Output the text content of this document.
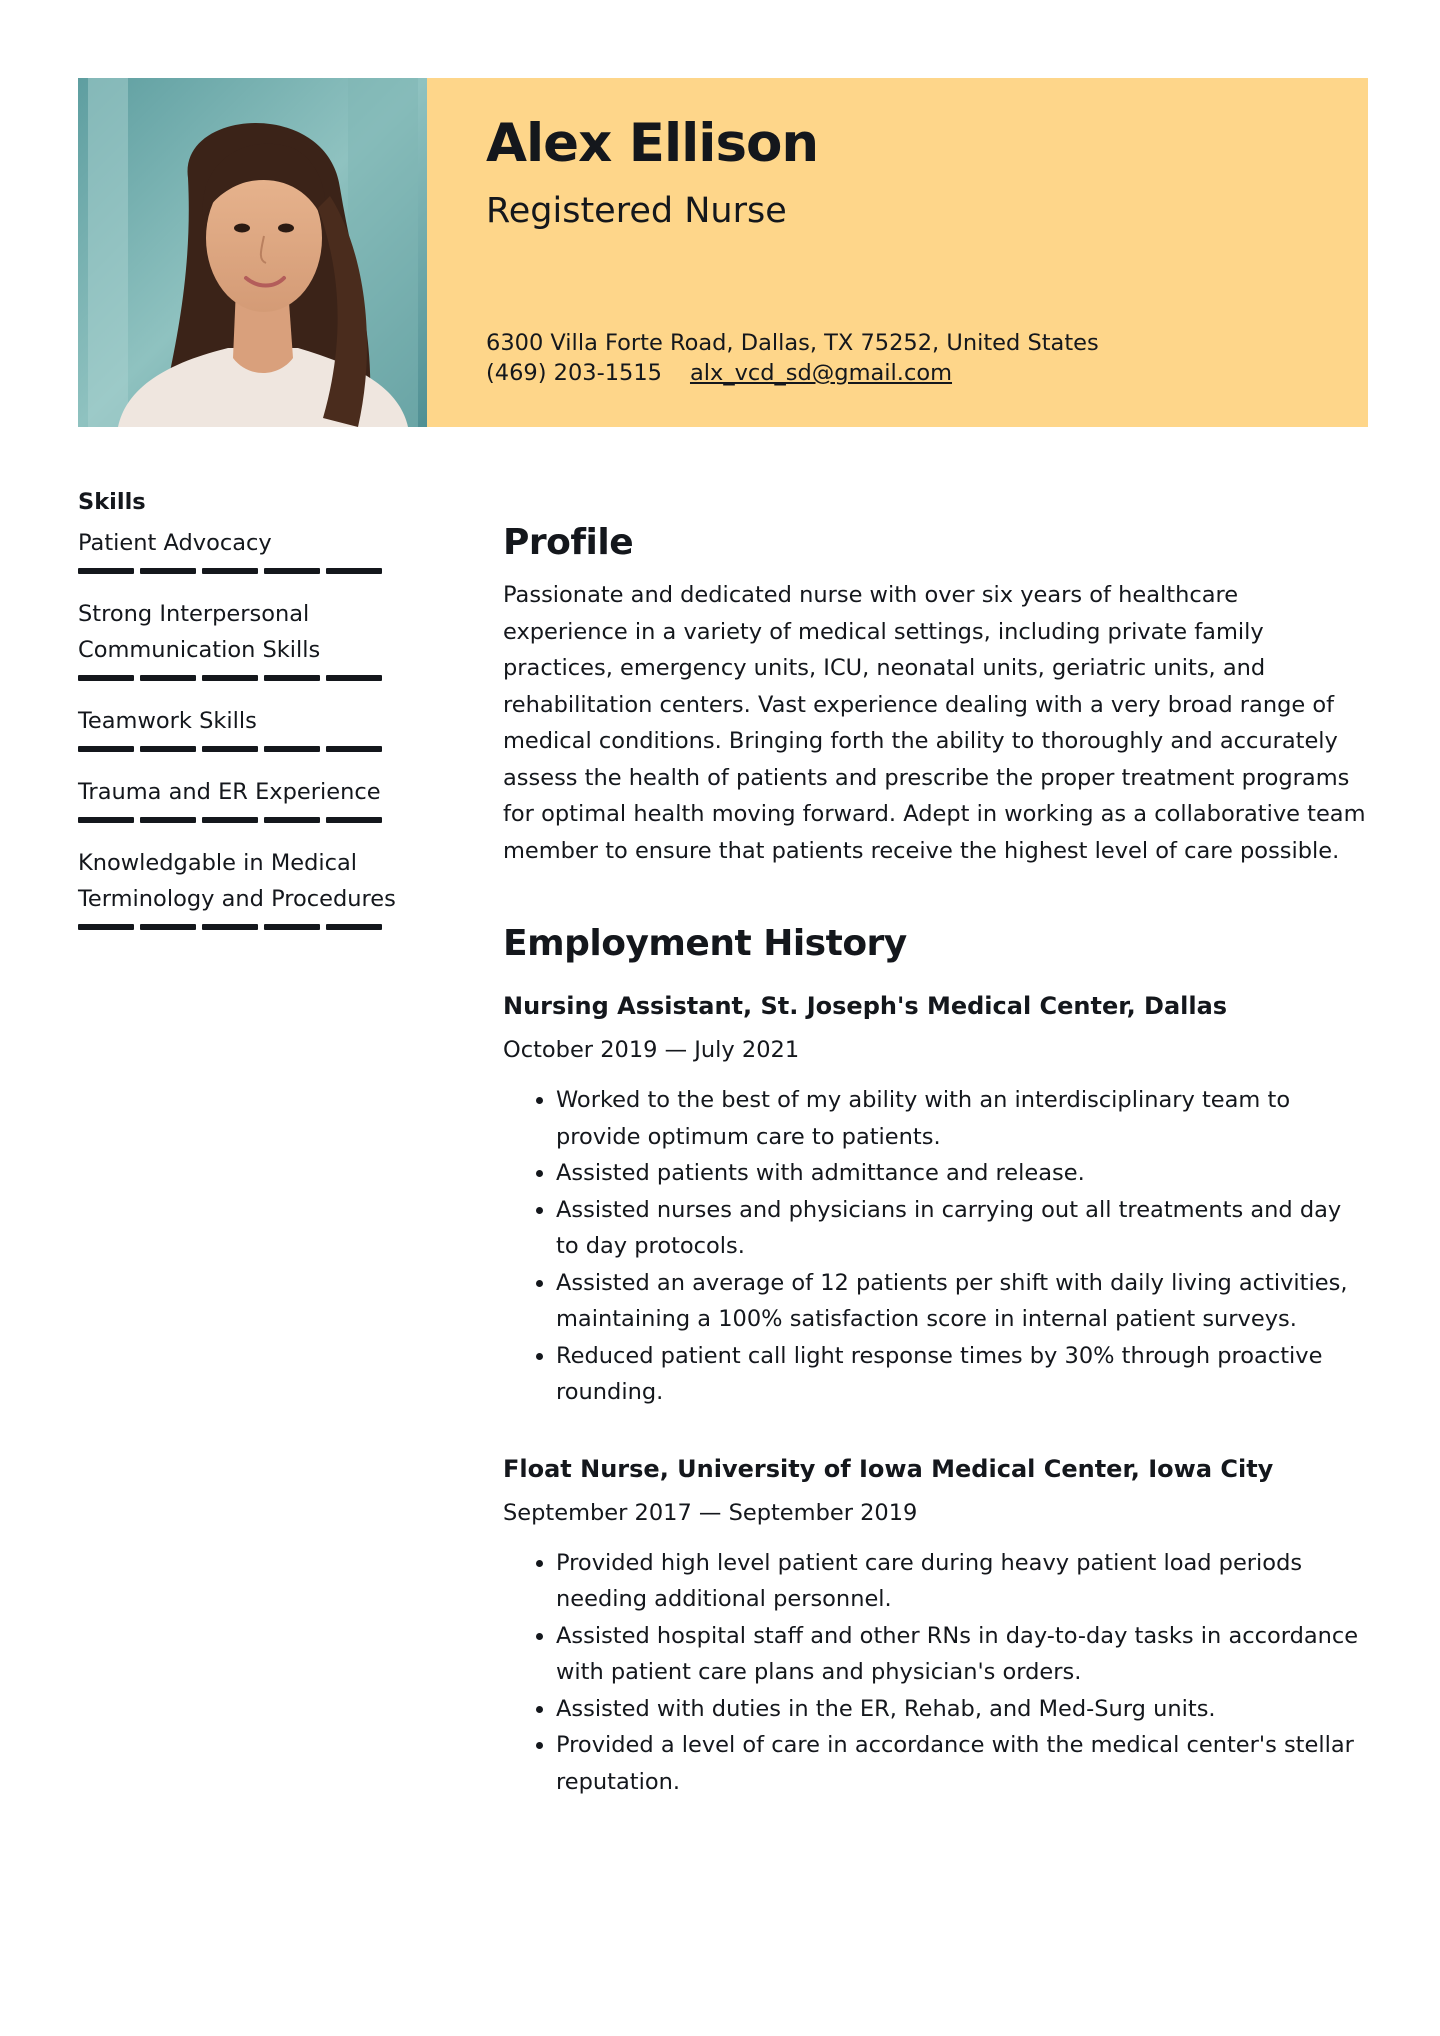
Alex Ellison
Registered Nurse
6300 Villa Forte Road, Dallas, TX 75252, United States
(469) 203-1515 alx_vcd_sd@gmail.com
Skills
Patient Advocacy
Strong Interpersonal Communication Skills
Teamwork Skills
Trauma and ER Experience
Knowledgable in Medical Terminology and Procedures
Profile

Passionate and dedicated nurse with over six years of healthcare experience in a variety of medical settings, including private family practices, emergency units, ICU, neonatal units, geriatric units, and rehabilitation centers. Vast experience dealing with a very broad range of medical conditions. Bringing forth the ability to thoroughly and accurately assess the health of patients and prescribe the proper treatment programs for optimal health moving forward. Adept in working as a collaborative team member to ensure that patients receive the highest level of care possible.

Employment History
Nursing Assistant, St. Joseph's Medical Center, Dallas
October 2019 — July 2021
• Worked to the best of my ability with an interdisciplinary team to provide optimum care to patients.
• Assisted patients with admittance and release.
• Assisted nurses and physicians in carrying out all treatments and day to day protocols.
• Assisted an average of 12 patients per shift with daily living activities, maintaining a 100% satisfaction score in internal patient surveys.
• Reduced patient call light response times by 30% through proactive rounding.
Float Nurse, University of Iowa Medical Center, Iowa City
September 2017 — September 2019
• Provided high level patient care during heavy patient load periods needing additional personnel.
• Assisted hospital staff and other RNs in day-to-day tasks in accordance with patient care plans and physician's orders.
• Assisted with duties in the ER, Rehab, and Med-Surg units.
• Provided a level of care in accordance with the medical center's stellar reputation.
